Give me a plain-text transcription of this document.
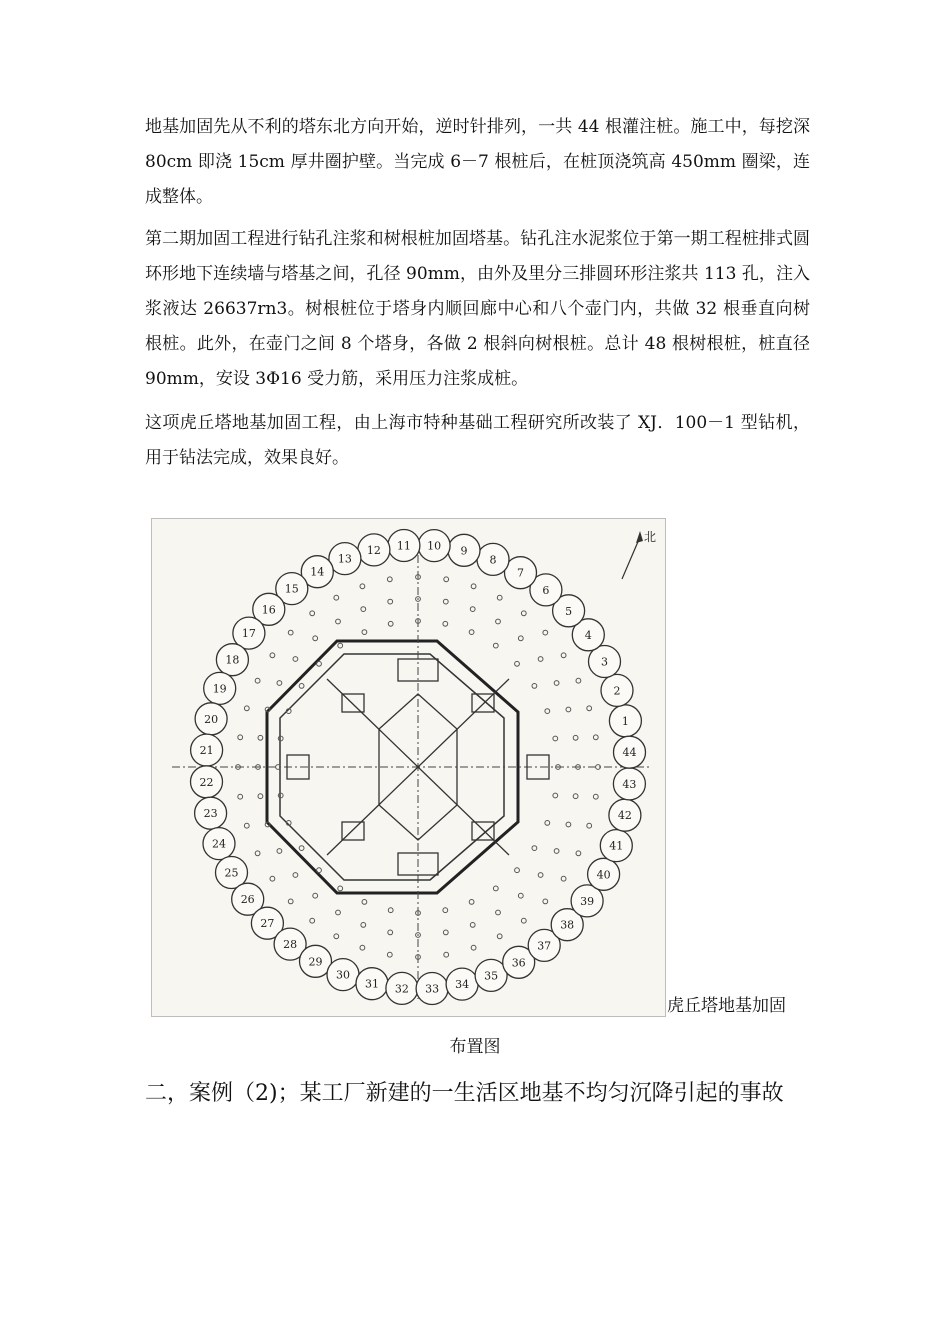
地基加固先从不利的塔东北方向开始，逆时针排列，一共 44 根灌注桩。施工中，每挖深 80cm 即浇 15cm 厚井圈护壁。当完成 6－7 根桩后，在桩顶浇筑高 450mm 圈梁，连成整体。

第二期加固工程进行钻孔注浆和树根桩加固塔基。钻孔注水泥浆位于第一期工程桩排式圆环形地下连续墙与塔基之间，孔径 90mm，由外及里分三排圆环形注浆共 113 孔，注入浆液达 26637rn3。树根桩位于塔身内顺回廊中心和八个壶门内，共做 32 根垂直向树根桩。此外，在壶门之间 8 个塔身，各做 2 根斜向树根桩。总计 48 根树根桩，桩直径 90mm，安设 3Φ16 受力筋，采用压力注浆成桩。

这项虎丘塔地基加固工程，由上海市特种基础工程研究所改装了 XJ．100－1 型钻机，用于钻法完成，效果良好。

北
1
2
3
4
5
6
7
8
9
10
11
12
13
14
15
16
17
18
19
20
21
22
23
24
25
26
27
28
29
30
31 32 33 34
35
36
37
38
39
40
41
42
43
44
虎丘塔地基加固
布置图
二，案例（2)；某工厂新建的一生活区地基不均匀沉降引起的事故
